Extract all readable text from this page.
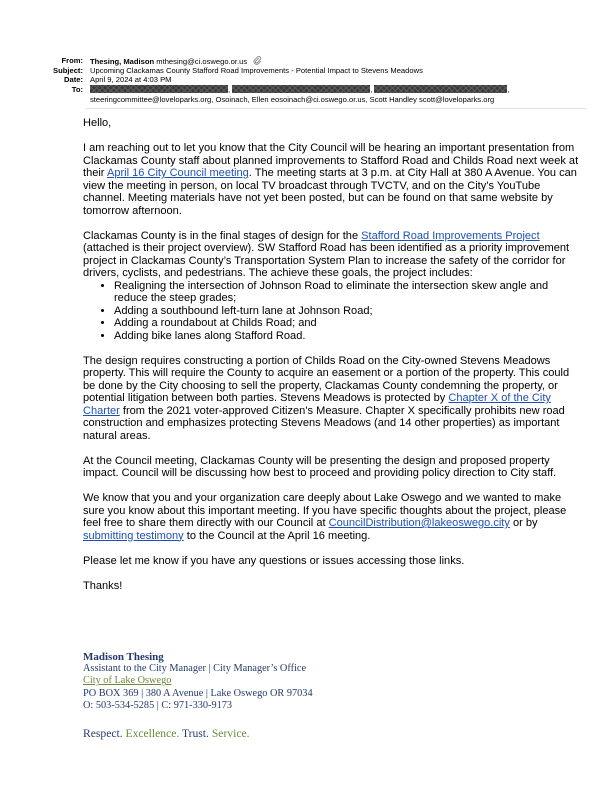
From: Thesing, Madison mthesing@ci.oswego.or.us
Subject: Upcoming Clackamas County Stafford Road Improvements - Potential Impact to Stevens Meadows
Date: April 9, 2024 at 4:03 PM
To:	,	,	,
steeringcommittee@loveloparks.org, Osoinach, Ellen eosoinach@ci.oswego.or.us, Scott Handley scott@loveloparks.org

Hello,

I am reaching out to let you know that the City Council will be hearing an important presentation from Clackamas County staff about planned improvements to Stafford Road and Childs Road next week at their April 16 City Council meeting. The meeting starts at 3 p.m. at City Hall at 380 A Avenue. You can view the meeting in person, on local TV broadcast through TVCTV, and on the City’s YouTube channel. Meeting materials have not yet been posted, but can be found on that same website by tomorrow afternoon.

Clackamas County is in the final stages of design for the Stafford Road Improvements Project (attached is their project overview). SW Stafford Road has been identified as a priority improvement project in Clackamas County’s Transportation System Plan to increase the safety of the corridor for drivers, cyclists, and pedestrians. The achieve these goals, the project includes:

• Realigning the intersection of Johnson Road to eliminate the intersection skew angle and reduce the steep grades;
• Adding a southbound left-turn lane at Johnson Road;
• Adding a roundabout at Childs Road; and
• Adding bike lanes along Stafford Road.

The design requires constructing a portion of Childs Road on the City-owned Stevens Meadows property. This will require the County to acquire an easement or a portion of the property. This could be done by the City choosing to sell the property, Clackamas County condemning the property, or potential litigation between both parties. Stevens Meadows is protected by Chapter X of the City Charter from the 2021 voter-approved Citizen’s Measure. Chapter X specifically prohibits new road construction and emphasizes protecting Stevens Meadows (and 14 other properties) as important natural areas.

At the Council meeting, Clackamas County will be presenting the design and proposed property impact. Council will be discussing how best to proceed and providing policy direction to City staff.

We know that you and your organization care deeply about Lake Oswego and we wanted to make sure you know about this important meeting. If you have specific thoughts about the project, please feel free to share them directly with our Council at CouncilDistribution@lakeoswego.city or by submitting testimony to the Council at the April 16 meeting.

Please let me know if you have any questions or issues accessing those links.

Thanks!

Madison Thesing
Assistant to the City Manager | City Manager’s Office
City of Lake Oswego
PO BOX 369 | 380 A Avenue | Lake Oswego OR 97034
O: 503-534-5285 | C: 971-330-9173
Respect. Excellence. Trust. Service.
